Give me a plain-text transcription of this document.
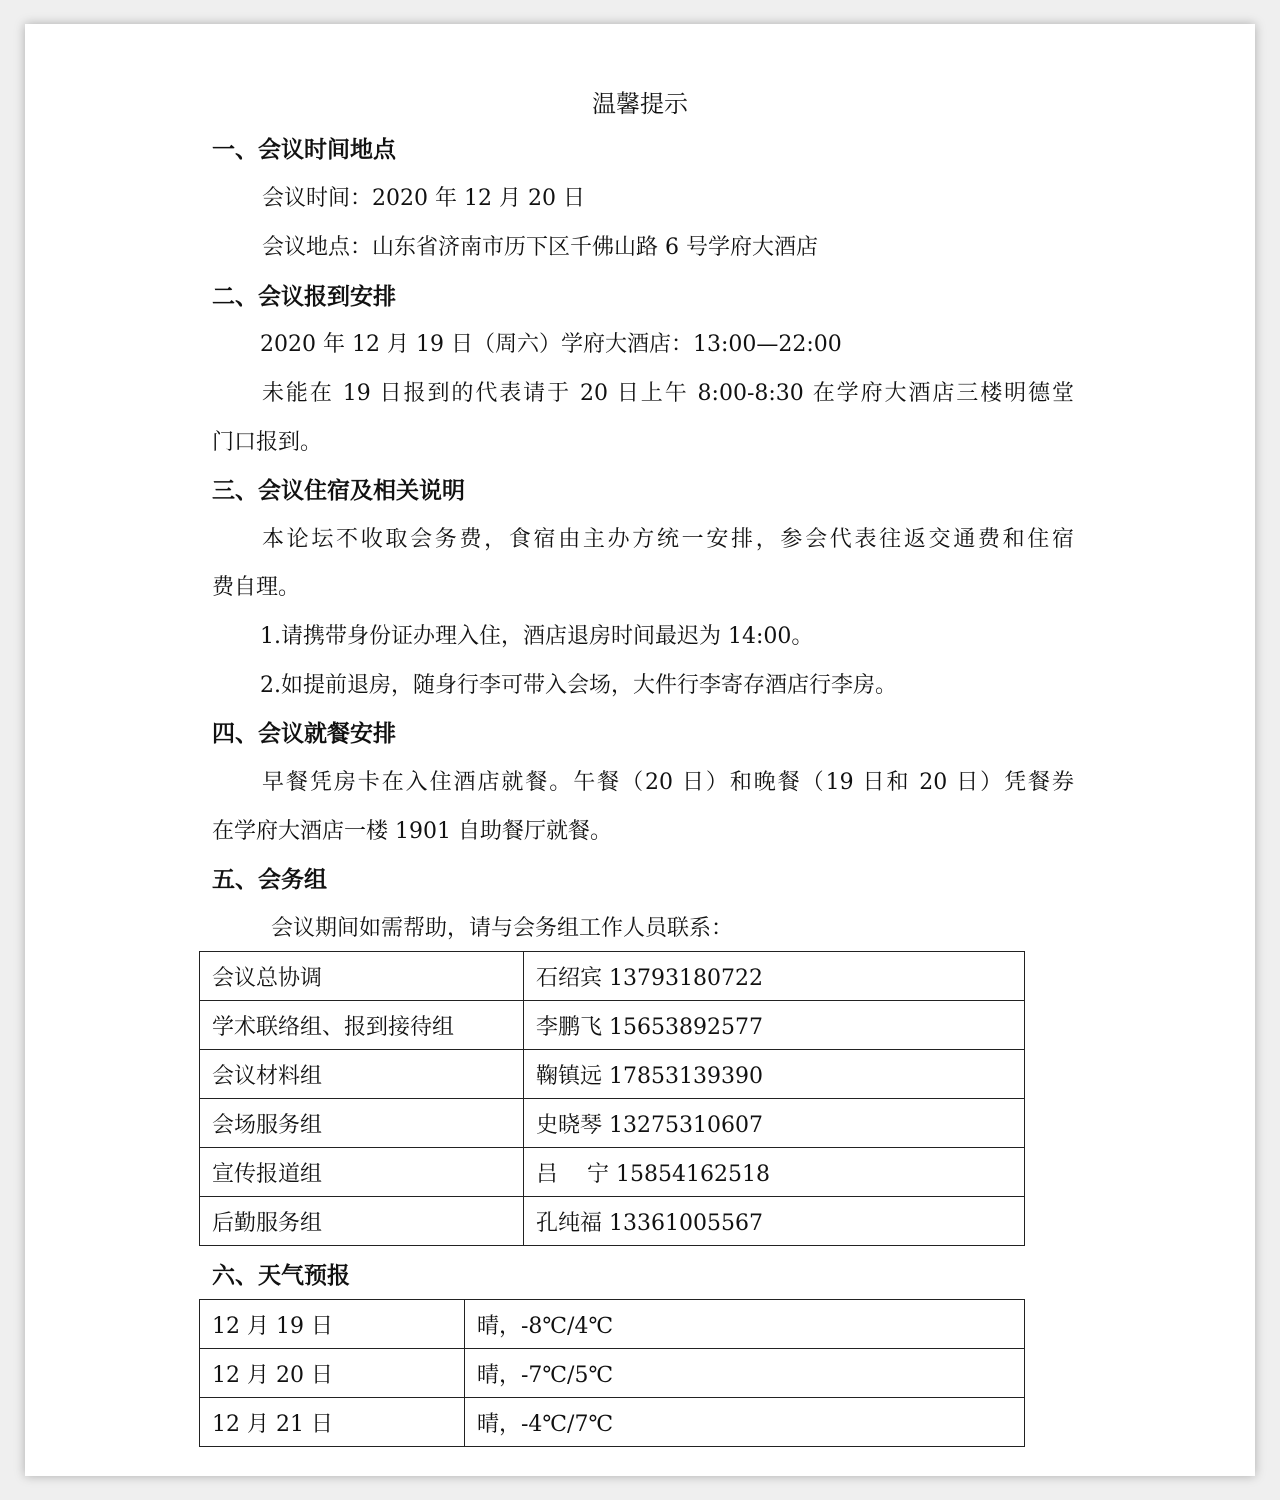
温馨提示
一、会议时间地点

会议时间：2020 年 12 月 20 日

会议地点：山东省济南市历下区千佛山路 6 号学府大酒店

二、会议报到安排

2020 年 12 月 19 日（周六）学府大酒店：13:00—22:00

未能在 19 日报到的代表请于 20 日上午 8:00-8:30 在学府大酒店三楼明德堂

门口报到。

三、会议住宿及相关说明

本论坛不收取会务费，食宿由主办方统一安排，参会代表往返交通费和住宿

费自理。

1.请携带身份证办理入住，酒店退房时间最迟为 14:00。

2.如提前退房，随身行李可带入会场，大件行李寄存酒店行李房。

四、会议就餐安排

早餐凭房卡在入住酒店就餐。午餐（20 日）和晚餐（19 日和 20 日）凭餐券

在学府大酒店一楼 1901 自助餐厅就餐。

五、会务组

会议期间如需帮助，请与会务组工作人员联系：

会议总协调	石绍宾 13793180722
学术联络组、报到接待组	李鹏飞 15653892577
会议材料组	鞠镇远 17853139390
会场服务组	史晓琴 13275310607
宣传报道组	吕　 宁 15854162518
后勤服务组	孔纯福 13361005567
六、天气预报
12 月 19 日	晴，-8℃/4℃
12 月 20 日	晴，-7℃/5℃
12 月 21 日	晴，-4℃/7℃
